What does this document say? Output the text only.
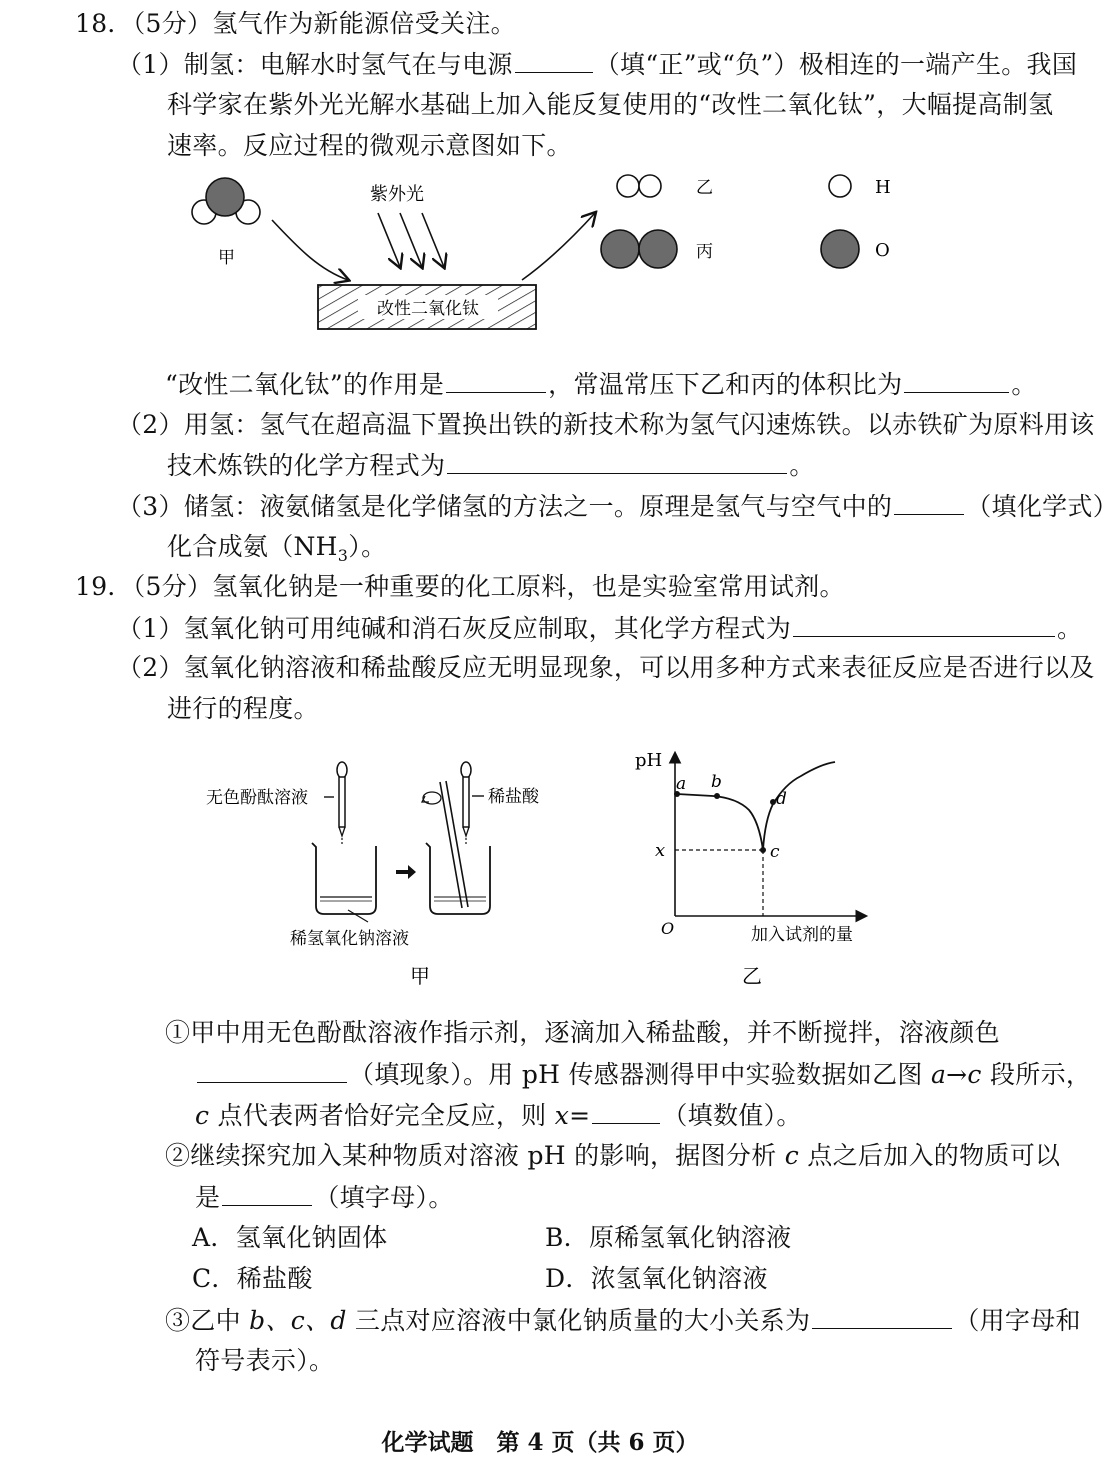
18．（5分）氢气作为新能源倍受关注。
（1）制氢：电解水时氢气在与电源	（填“正”或“负”）极相连的一端产生。我国
科学家在紫外光光解水基础上加入能反复使用的“改性二氧化钛”，大幅提高制氢
速率。反应过程的微观示意图如下。
甲
紫外光
改性二氧化钛
乙
丙
H
O
“改性二氧化钛”的作用是	，常温常压下乙和丙的体积比为	。
（2）用氢：氢气在超高温下置换出铁的新技术称为氢气闪速炼铁。以赤铁矿为原料用该
技术炼铁的化学方程式为	。
（3）储氢：液氨储氢是化学储氢的方法之一。原理是氢气与空气中的	（填化学式）
化合成氨$(NH_3)$。
19．（5分）氢氧化钠是一种重要的化工原料，也是实验室常用试剂。
（1）氢氧化钠可用纯碱和消石灰反应制取，其化学方程式为	。
（2）氢氧化钠溶液和稀盐酸反应无明显现象，可以用多种方式来表征反应是否进行以及
进行的程度。
无色酚酞溶液
稀氢氧化钠溶液
稀盐酸
甲
pH
O	加入试剂的量
x
a b
c
d
乙
①甲中用无色酚酞溶液作指示剂，逐滴加入稀盐酸，并不断搅拌，溶液颜色
（填现象）。用 pH 传感器测得甲中实验数据如乙图 a→c 段所示，
c 点代表两者恰好完全反应，则 x=	（填数值）。
②继续探究加入某种物质对溶液 pH 的影响，据图分析 c 点之后加入的物质可以
是	（填字母）。
A．氢氧化钠固体	B．原稀氢氧化钠溶液
C．稀盐酸	D．浓氢氧化钠溶液
③乙中 b、c、d 三点对应溶液中氯化钠质量的大小关系为	（用字母和
符号表示）。
化学试题　第 4 页（共 6 页）
